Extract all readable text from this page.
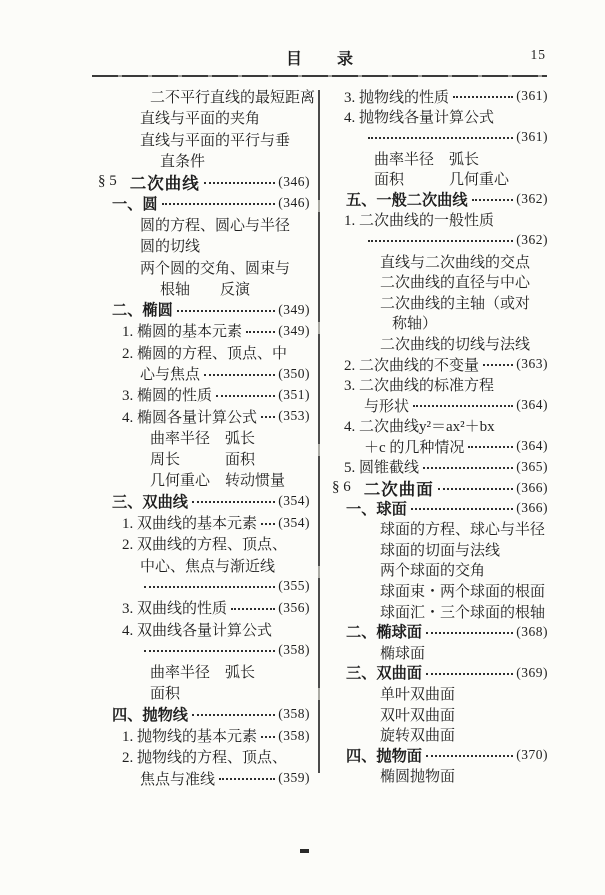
目　　录	15
二不平行直线的最短距离
直线与平面的夹角
直线与平面的平行与垂
直条件
§ 5 二次曲线	(346)
一、圆	(346)
圆的方程、圆心与半径
圆的切线
两个圆的交角、圆束与
根轴　　反演
二、椭圆	(349)
1. 椭圆的基本元素	(349)
2. 椭圆的方程、顶点、中
心与焦点	(350)
3. 椭圆的性质	(351)
4. 椭圆各量计算公式 (353)
曲率半径　弧长
周长　　　面积
几何重心　转动惯量
三、双曲线	(354)
1. 双曲线的基本元素 (354)
2. 双曲线的方程、顶点、
中心、焦点与渐近线
(355)
3. 双曲线的性质	(356)
4. 双曲线各量计算公式
(358)
曲率半径　弧长
面积
四、抛物线	(358)
1. 抛物线的基本元素 (358)
2. 抛物线的方程、顶点、
焦点与准线	(359)
3. 抛物线的性质	(361)
4. 抛物线各量计算公式
(361)
曲率半径　弧长
面积　　　几何重心
五、一般二次曲线	(362)
1. 二次曲线的一般性质
(362)
直线与二次曲线的交点
二次曲线的直径与中心
二次曲线的主轴（或对
称轴）
二次曲线的切线与法线
2. 二次曲线的不变量	(363)
3. 二次曲线的标准方程
与形状	(364)
4. 二次曲线y²＝ax²＋bx
＋c 的几种情况	(364)
5. 圆锥截线	(365)
§ 6 二次曲面	(366)
一、球面	(366)
球面的方程、球心与半径
球面的切面与法线
两个球面的交角
球面束・两个球面的根面
球面汇・三个球面的根轴
二、椭球面	(368)
椭球面
三、双曲面	(369)
单叶双曲面
双叶双曲面
旋转双曲面
四、抛物面	(370)
椭圆抛物面
